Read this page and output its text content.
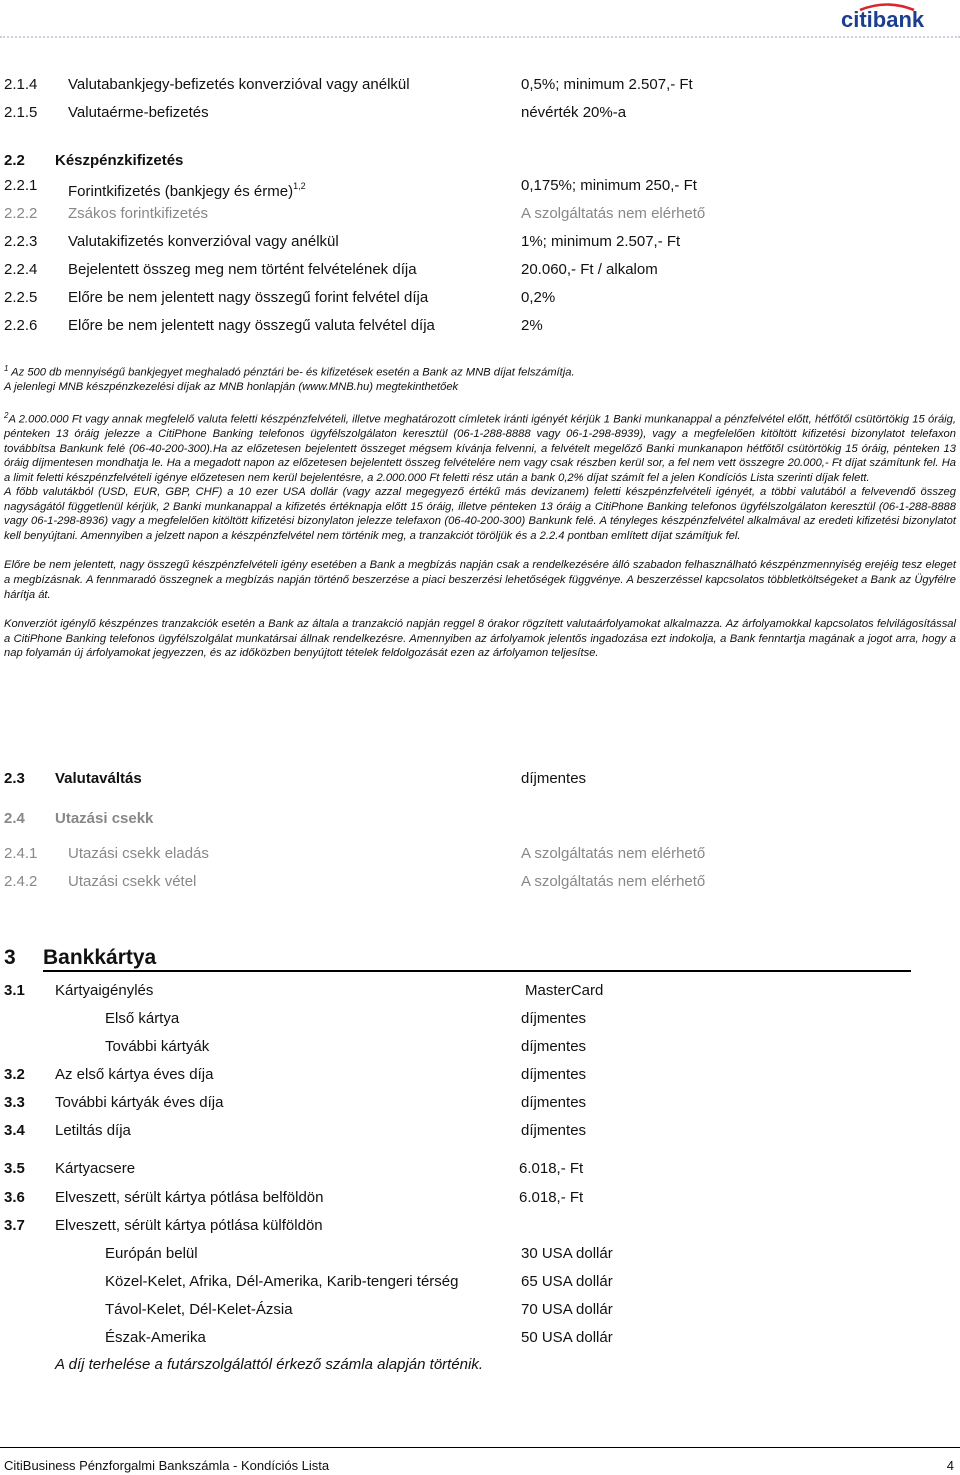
citibank
2.1.4 Valutabankjegy-befizetés konverzióval vagy anélkül	0,5%; minimum 2.507,- Ft
2.1.5 Valutaérme-befizetés	névérték 20%-a
2.2 Készpénzkifizetés
2.2.1 Forintkifizetés (bankjegy és érme)$^{1,2}$	0,175%; minimum 250,- Ft
2.2.2 Zsákos forintkifizetés	A szolgáltatás nem elérhető
2.2.3 Valutakifizetés konverzióval vagy anélkül	1%; minimum 2.507,- Ft
2.2.4 Bejelentett összeg meg nem történt felvételének díja	20.060,- Ft / alkalom
2.2.5 Előre be nem jelentett nagy összegű forint felvétel díja	0,2%
2.2.6 Előre be nem jelentett nagy összegű valuta felvétel díja	2%

$^1$ Az 500 db mennyiségű bankjegyet meghaladó pénztári be- és kifizetések esetén a Bank az MNB díjat felszámítja.

A jelenlegi MNB készpénzkezelési díjak az MNB honlapján (www.MNB.hu) megtekinthetőek

$^2$A 2.000.000 Ft vagy annak megfelelő valuta feletti készpénzfelvételi, illetve meghatározott címletek iránti igényét kérjük 1 Banki munkanappal a pénzfelvétel előtt, hétfőtől csütörtökig 15 óráig, pénteken 13 óráig jelezze a CitiPhone Banking telefonos ügyfélszolgálaton keresztül (06-1-288-8888 vagy 06-1-298-8939), vagy a megfelelően kitöltött kifizetési bizonylatot telefaxon továbbítsa Bankunk felé (06-40-200-300).Ha az előzetesen bejelentett összeget mégsem kívánja felvenni, a felvételt megelőző Banki munkanapon hétfőtől csütörtökig 15 óráig, pénteken 13 óráig díjmentesen mondhatja le. Ha a megadott napon az előzetesen bejelentett összeg felvételére nem vagy csak részben kerül sor, a fel nem vett összegre 20.000,- Ft díjat számítunk fel. Ha a limit feletti készpénzfelvételi igénye előzetesen nem kerül bejelentésre, a 2.000.000 Ft feletti rész után a bank 0,2% díjat számít fel a jelen Kondíciós Lista szerinti díjak felett.

A főbb valutákból (USD, EUR, GBP, CHF) a 10 ezer USA dollár (vagy azzal megegyező értékű más devizanem) feletti készpénzfelvételi igényét, a többi valutából a felvevendő összeg nagyságától függetlenül kérjük, 2 Banki munkanappal a kifizetés értéknapja előtt 15 óráig, illetve pénteken 13 óráig a CitiPhone Banking telefonos ügyfélszolgálaton keresztül (06-1-288-8888 vagy 06-1-298-8936) vagy a megfelelően kitöltött kifizetési bizonylaton jelezze telefaxon (06-40-200-300) Bankunk felé. A tényleges készpénzfelvétel alkalmával az eredeti kifizetési bizonylatot kell benyújtani. Amennyiben a jelzett napon a készpénzfelvétel nem történik meg, a tranzakciót töröljük és a 2.2.4 pontban említett díjat számítjuk fel.

Előre be nem jelentett, nagy összegű készpénzfelvételi igény esetében a Bank a megbízás napján csak a rendelkezésére álló szabadon felhasználható készpénzmennyiség erejéig tesz eleget a megbízásnak. A fennmaradó összegnek a megbízás napján történő beszerzése a piaci beszerzési lehetőségek függvénye. A beszerzéssel kapcsolatos többletköltségeket a Bank az Ügyfélre hárítja át.

Konverziót igénylő készpénzes tranzakciók esetén a Bank az általa a tranzakció napján reggel 8 órakor rögzített valutaárfolyamokat alkalmazza. Az árfolyamokkal kapcsolatos felvilágosítással a CitiPhone Banking telefonos ügyfélszolgálat munkatársai állnak rendelkezésre. Amennyiben az árfolyamok jelentős ingadozása ezt indokolja, a Bank fenntartja magának a jogot arra, hogy a nap folyamán új árfolyamokat jegyezzen, és az időközben benyújtott tételek feldolgozását ezen az árfolyamon teljesítse.

2.3 Valutaváltás	díjmentes
2.4 Utazási csekk
2.4.1 Utazási csekk eladás	A szolgáltatás nem elérhető
2.4.2 Utazási csekk vétel	A szolgáltatás nem elérhető
3 Bankkártya
3.1 Kártyaigénylés	MasterCard
Első kártya	díjmentes
További kártyák	díjmentes
3.2 Az első kártya éves díja	díjmentes
3.3 További kártyák éves díja	díjmentes
3.4 Letiltás díja	díjmentes
3.5 Kártyacsere	6.018,- Ft
3.6 Elveszett, sérült kártya pótlása belföldön	6.018,- Ft
3.7 Elveszett, sérült kártya pótlása külföldön
Európán belül	30 USA dollár
Közel-Kelet, Afrika, Dél-Amerika, Karib-tengeri térség	65 USA dollár
Távol-Kelet, Dél-Kelet-Ázsia	70 USA dollár
Észak-Amerika	50 USA dollár
A díj terhelése a futárszolgálattól érkező számla alapján történik.
CitiBusiness Pénzforgalmi Bankszámla - Kondíciós Lista	4
